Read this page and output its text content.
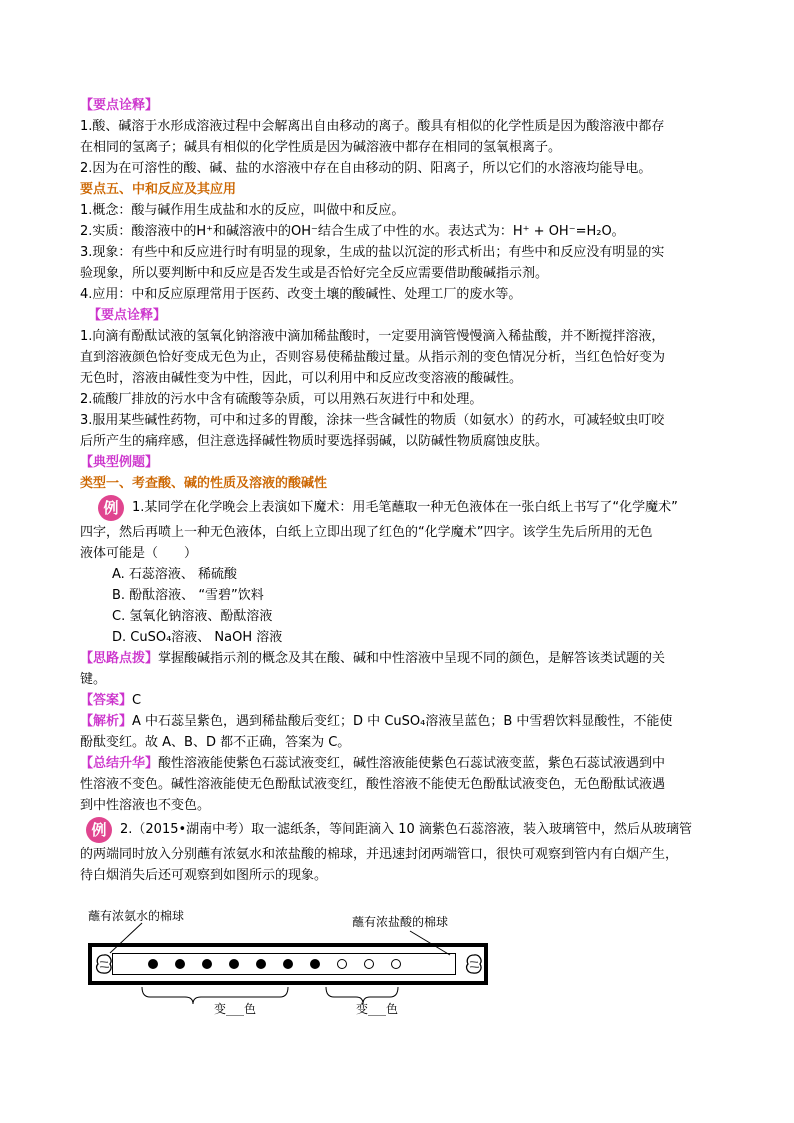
【要点诠释】

1.酸、碱溶于水形成溶液过程中会解离出自由移动的离子。酸具有相似的化学性质是因为酸溶液中都存

在相同的氢离子；碱具有相似的化学性质是因为碱溶液中都存在相同的氢氧根离子。

2.因为在可溶性的酸、碱、盐的水溶液中存在自由移动的阴、阳离子，所以它们的水溶液均能导电。

要点五、中和反应及其应用

1.概念：酸与碱作用生成盐和水的反应，叫做中和反应。

2.实质：酸溶液中的H⁺和碱溶液中的OH⁻结合生成了中性的水。表达式为：H⁺ + OH⁻=H₂O。

3.现象：有些中和反应进行时有明显的现象，生成的盐以沉淀的形式析出；有些中和反应没有明显的实

验现象，所以要判断中和反应是否发生或是否恰好完全反应需要借助酸碱指示剂。

4.应用：中和反应原理常用于医药、改变土壤的酸碱性、处理工厂的废水等。

【要点诠释】

1.向滴有酚酞试液的氢氧化钠溶液中滴加稀盐酸时，一定要用滴管慢慢滴入稀盐酸，并不断搅拌溶液，

直到溶液颜色恰好变成无色为止，否则容易使稀盐酸过量。从指示剂的变色情况分析，当红色恰好变为

无色时，溶液由碱性变为中性，因此，可以利用中和反应改变溶液的酸碱性。

2.硫酸厂排放的污水中含有硫酸等杂质，可以用熟石灰进行中和处理。

3.服用某些碱性药物，可中和过多的胃酸，涂抹一些含碱性的物质（如氨水）的药水，可减轻蚊虫叮咬

后所产生的痛痒感，但注意选择碱性物质时要选择弱碱，以防碱性物质腐蚀皮肤。

【典型例题】

类型一、考查酸、碱的性质及溶液的酸碱性

例 1.某同学在化学晚会上表演如下魔术：用毛笔蘸取一种无色液体在一张白纸上书写了“化学魔术”

四字，然后再喷上一种无色液体，白纸上立即出现了红色的“化学魔术”四字。该学生先后所用的无色

液体可能是（　　）

A. 石蕊溶液、 稀硫酸

B. 酚酞溶液、 “雪碧”饮料

C. 氢氧化钠溶液、酚酞溶液

D. CuSO₄溶液、 NaOH 溶液

【思路点拨】掌握酸碱指示剂的概念及其在酸、碱和中性溶液中呈现不同的颜色，是解答该类试题的关

键。

【答案】C

【解析】A 中石蕊呈紫色，遇到稀盐酸后变红；D 中 CuSO₄溶液呈蓝色；B 中雪碧饮料显酸性，不能使

酚酞变红。故 A、B、D 都不正确，答案为 C。

【总结升华】酸性溶液能使紫色石蕊试液变红，碱性溶液能使紫色石蕊试液变蓝，紫色石蕊试液遇到中

性溶液不变色。碱性溶液能使无色酚酞试液变红，酸性溶液不能使无色酚酞试液变色，无色酚酞试液遇

到中性溶液也不变色。

例 2.（2015•湖南中考）取一滤纸条，等间距滴入 10 滴紫色石蕊溶液，装入玻璃管中，然后从玻璃管

的两端同时放入分别蘸有浓氨水和浓盐酸的棉球，并迅速封闭两端管口，很快可观察到管内有白烟产生，

待白烟消失后还可观察到如图所示的现象。

蘸有浓氨水的棉球	蘸有浓盐酸的棉球
变___色	变___色
